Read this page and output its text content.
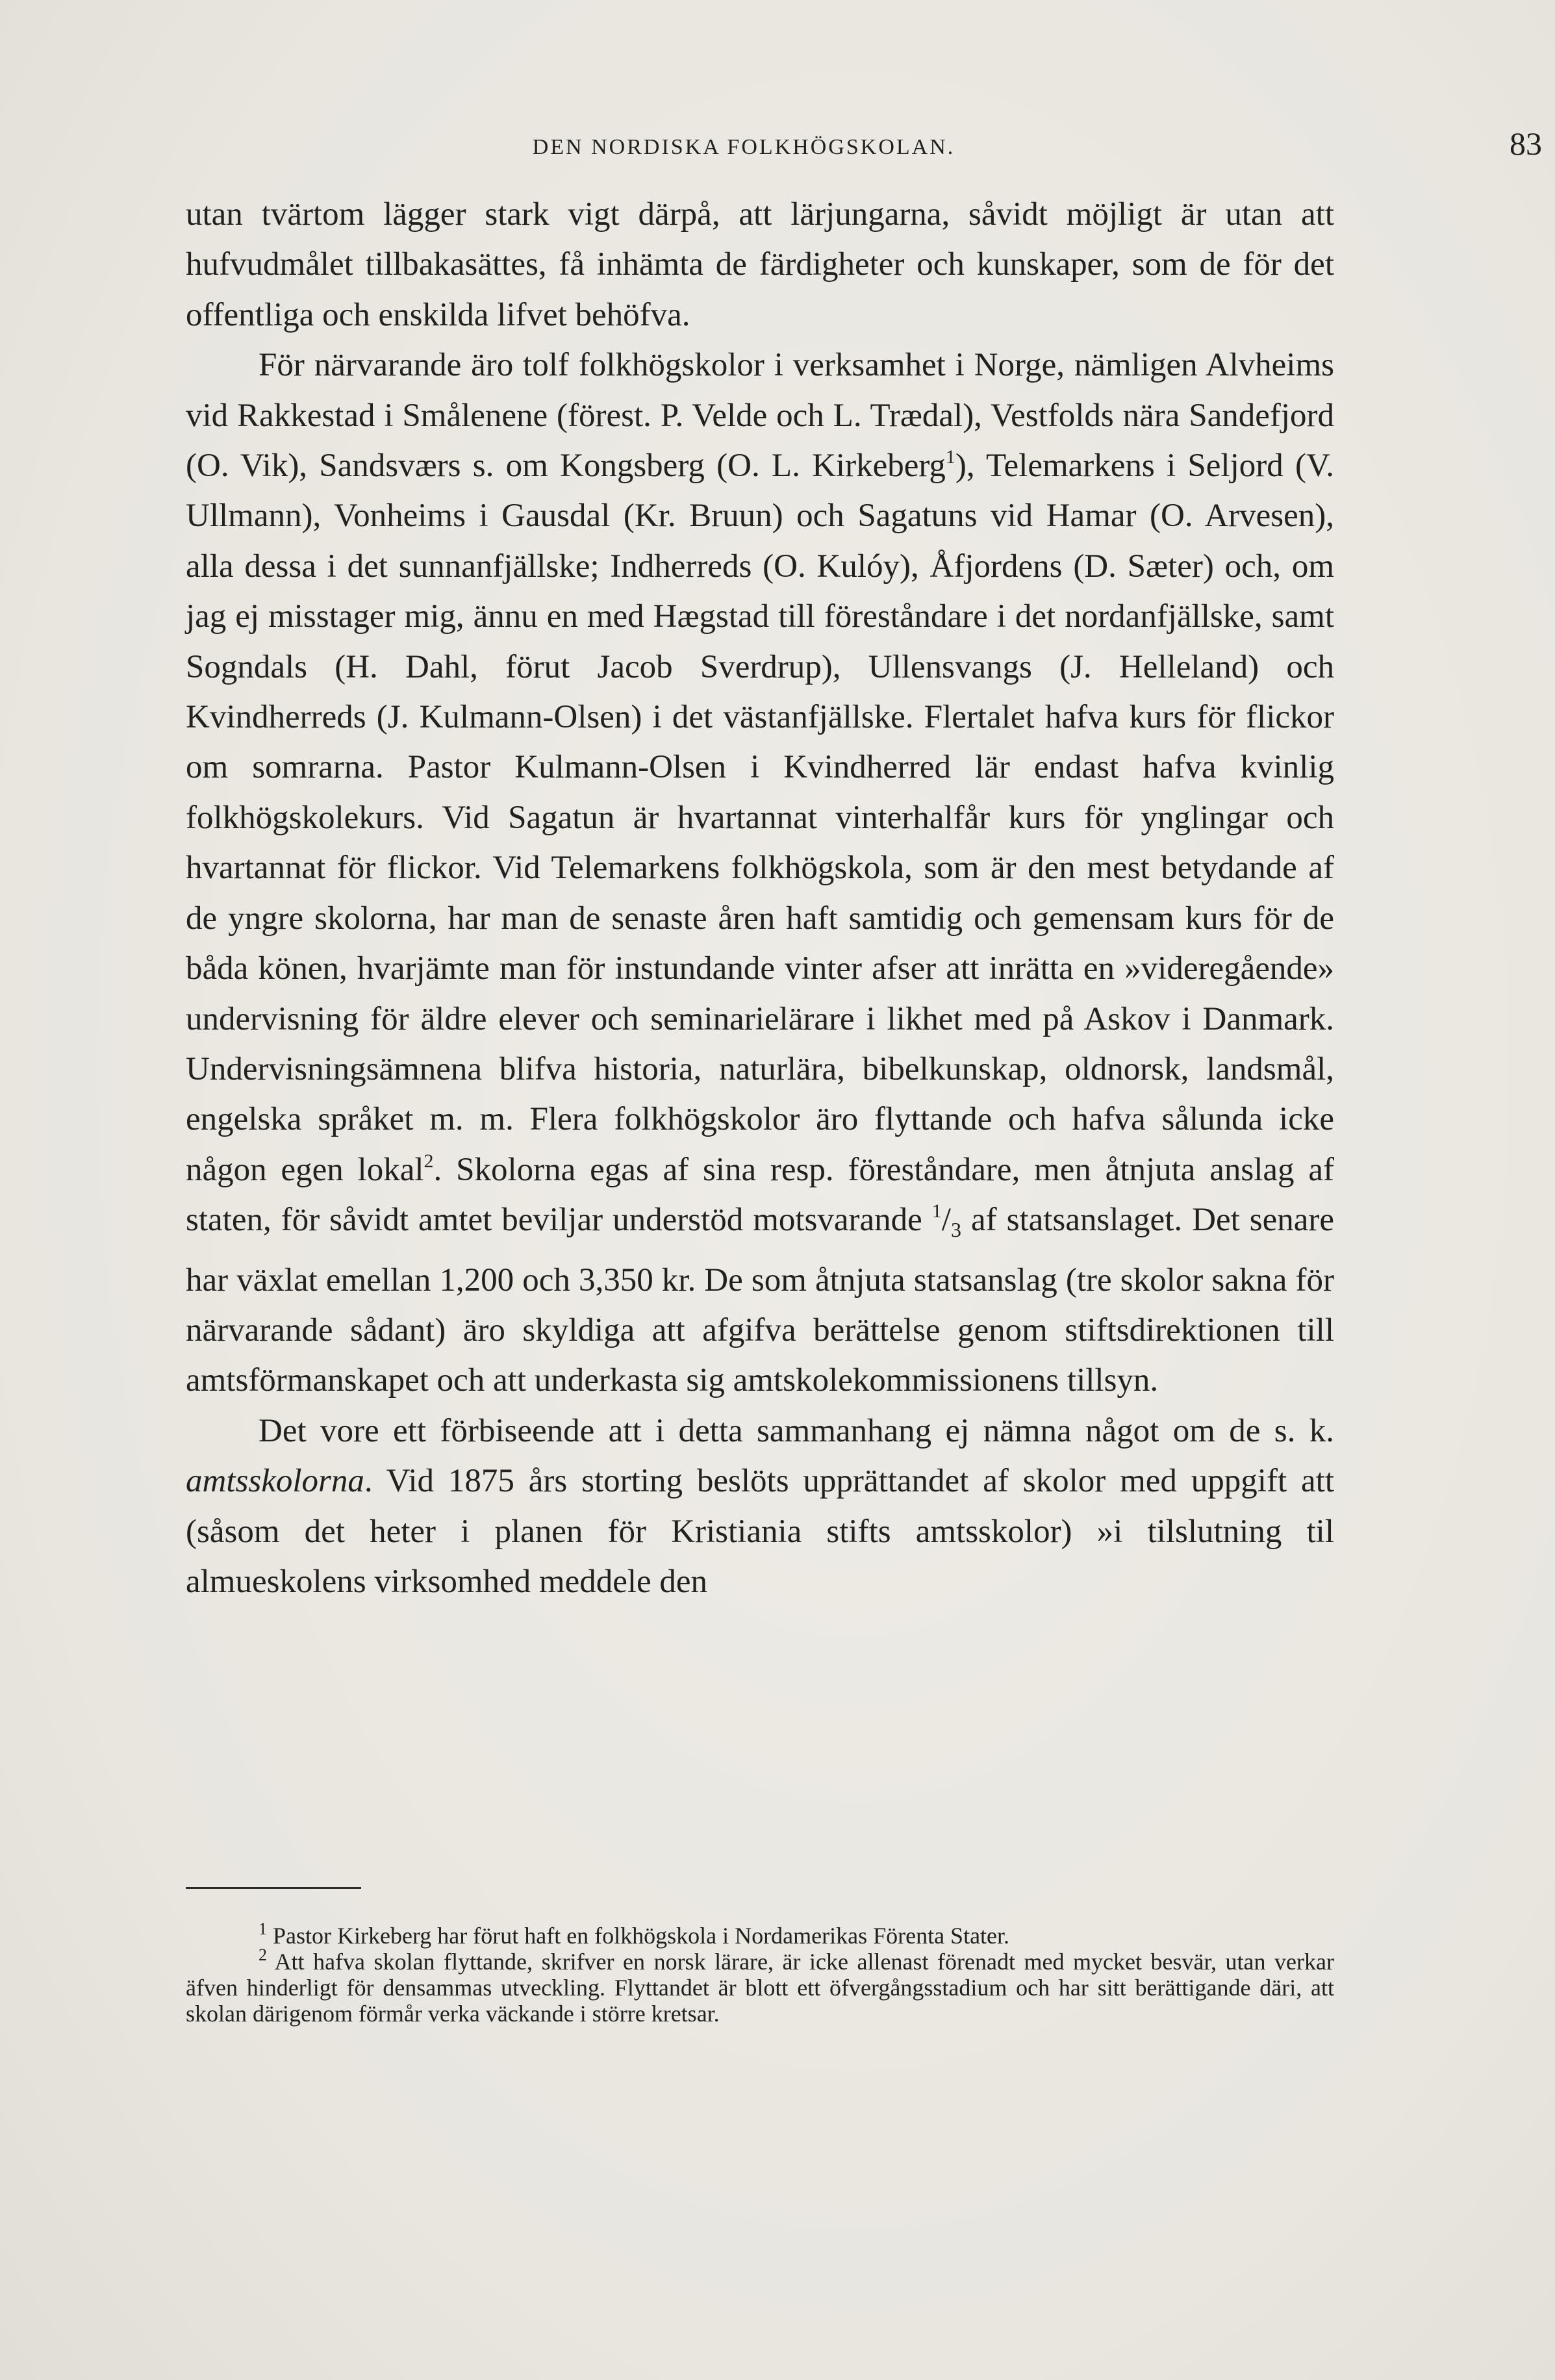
DEN NORDISKA FOLKHÖGSKOLAN.	83

utan tvärtom lägger stark vigt därpå, att lärjungarna, såvidt möjligt är utan att hufvudmålet tillbakasättes, få inhämta de färdigheter och kunskaper, som de för det offentliga och enskilda lifvet behöfva.

För närvarande äro tolf folkhögskolor i verksamhet i Norge, nämligen Alvheims vid Rakkestad i Smålenene (förest. P. Velde och L. Trædal), Vestfolds nära Sandefjord (O. Vik), Sandsværs s. om Kongsberg (O. L. Kirkeberg$^1$), Telemarkens i Seljord (V. Ullmann), Vonheims i Gausdal (Kr. Bruun) och Sagatuns vid Hamar (O. Arvesen), alla dessa i det sunnanfjällske; Indherreds (O. Kulóy), Åfjordens (D. Sæter) och, om jag ej misstager mig, ännu en med Hægstad till föreståndare i det nordanfjällske, samt Sogndals (H. Dahl, förut Jacob Sverdrup), Ullensvangs (J. Helleland) och Kvindherreds (J. Kulmann-Olsen) i det västanfjällske. Flertalet hafva kurs för flickor om somrarna. Pastor Kulmann-Olsen i Kvindherred lär endast hafva kvinlig folkhögskolekurs. Vid Sagatun är hvartannat vinterhalfår kurs för ynglingar och hvartannat för flickor. Vid Telemarkens folkhögskola, som är den mest betydande af de yngre skolorna, har man de senaste åren haft samtidig och gemensam kurs för de båda könen, hvarjämte man för instundande vinter afser att inrätta en »videregående» undervisning för äldre elever och seminarielärare i likhet med på Askov i Danmark. Undervisningsämnena blifva historia, naturlära, bibelkunskap, oldnorsk, landsmål, engelska språket m. m. Flera folkhögskolor äro flyttande och hafva sålunda icke någon egen lokal$^2$. Skolorna egas af sina resp. föreståndare, men åtnjuta anslag af staten, för såvidt amtet beviljar understöd motsvarande $^1$/3 af statsanslaget. Det senare har växlat emellan 1,200 och 3,350 kr. De som åtnjuta statsanslag (tre skolor sakna för närvarande sådant) äro skyldiga att afgifva berättelse genom stiftsdirektionen till amtsförmanskapet och att underkasta sig amtskolekommissionens tillsyn.

Det vore ett förbiseende att i detta sammanhang ej nämna något om de s. k. amtsskolorna. Vid 1875 års storting beslöts upprättandet af skolor med uppgift att (såsom det heter i planen för Kristiania stifts amtsskolor) »i tilslutning til almueskolens virksomhed meddele den

$^1$ Pastor Kirkeberg har förut haft en folkhögskola i Nordamerikas Förenta Stater.

$^2$ Att hafva skolan flyttande, skrifver en norsk lärare, är icke allenast förenadt med mycket besvär, utan verkar äfven hinderligt för densammas utveckling. Flyttandet är blott ett öfvergångsstadium och har sitt berättigande däri, att skolan därigenom förmår verka väckande i större kretsar.
